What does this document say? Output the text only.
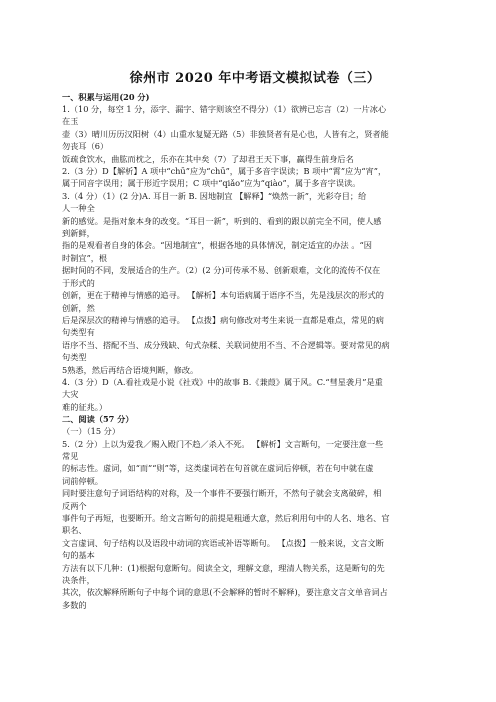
徐州市 2020 年中考语文模拟试卷（三）
一、积累与运用(20 分)
1.（10 分，每空 1 分，添字、漏字、错字则该空不得分）（1）欲辨已忘言（2）一片冰心
在玉
壶（3）晴川历历汉阳树（4）山重水复疑无路（5）非独贤者有是心也，人皆有之，贤者能
勿丧耳（6）
饭疏食饮水，曲肱而枕之，乐亦在其中矣（7）了却君王天下事，赢得生前身后名
2.（3 分）D【解析】A 项中“chū”应为“chū”，属于多音字误读；B 项中“霄”应为“宵”，
属于同音字误用；属于形近字误用；C 项中“qiǎo”应为“qiào”，属于多音字误读。
3.（4 分）（1）(2 分)A. 耳目一新 B. 因地制宜 【解释】“焕然一新”，光彩夺目；给
人一种全
新的感觉。是指对象本身的改变。“耳目一新”，听到的、看到的跟以前完全不同，使人感
到新鲜，
指的是观看者自身的体会。“因地制宜”，根据各地的具体情况，制定适宜的办法 。“因
时制宜”，根
据时间的不同，发展适合的生产。（2）(2 分)可传承不易、创新艰难，文化的流传不仅在
于形式的
创新，更在于精神与情感的追寻。 【解析】本句语病属于语序不当，先是浅层次的形式的
创新，然
后是深层次的精神与情感的追寻。 【点拨】病句修改对考生来说一直都是难点，常见的病
句类型有
语序不当、搭配不当、成分残缺、句式杂糅、关联词使用不当、不合逻辑等。要对常见的病
句类型
5熟悉，然后再结合语境判断，修改。
4.（3 分）D（A.看社戏是小说《社戏》中的故事 B.《兼葭》属于风。C.“彗星袭月”是重
大灾
难的征兆。）
二、阅读（57 分）
（一）（15 分）
5.（2 分）上以为爱我／赐入殿门不趋／杀入不死。 【解析】文言断句，一定要注意一些
常见
的标志性。虚词，如“而”“则”等，这类虚词若在句首就在虚词后停顿，若在句中就在虚
词前停顿。
同时要注意句子词语结构的对称，及一个事件不要强行断开，不然句子就会支离破碎，相
反两个
事件句子再短，也要断开。给文言断句的前提是粗通大意，然后利用句中的人名、地名、官
职名、
文言虚词、句子结构以及语段中动词的宾语或补语等断句。 【点拨】一般来说，文言文断
句的基本
方法有以下几种：(1)根据句意断句。阅读全文，理解文意，理清人物关系，这是断句的先
决条件，
其次，依次解释所断句子中每个词的意思(不会解释的暂时不解释)，要注意文言文单音词占
多数的
